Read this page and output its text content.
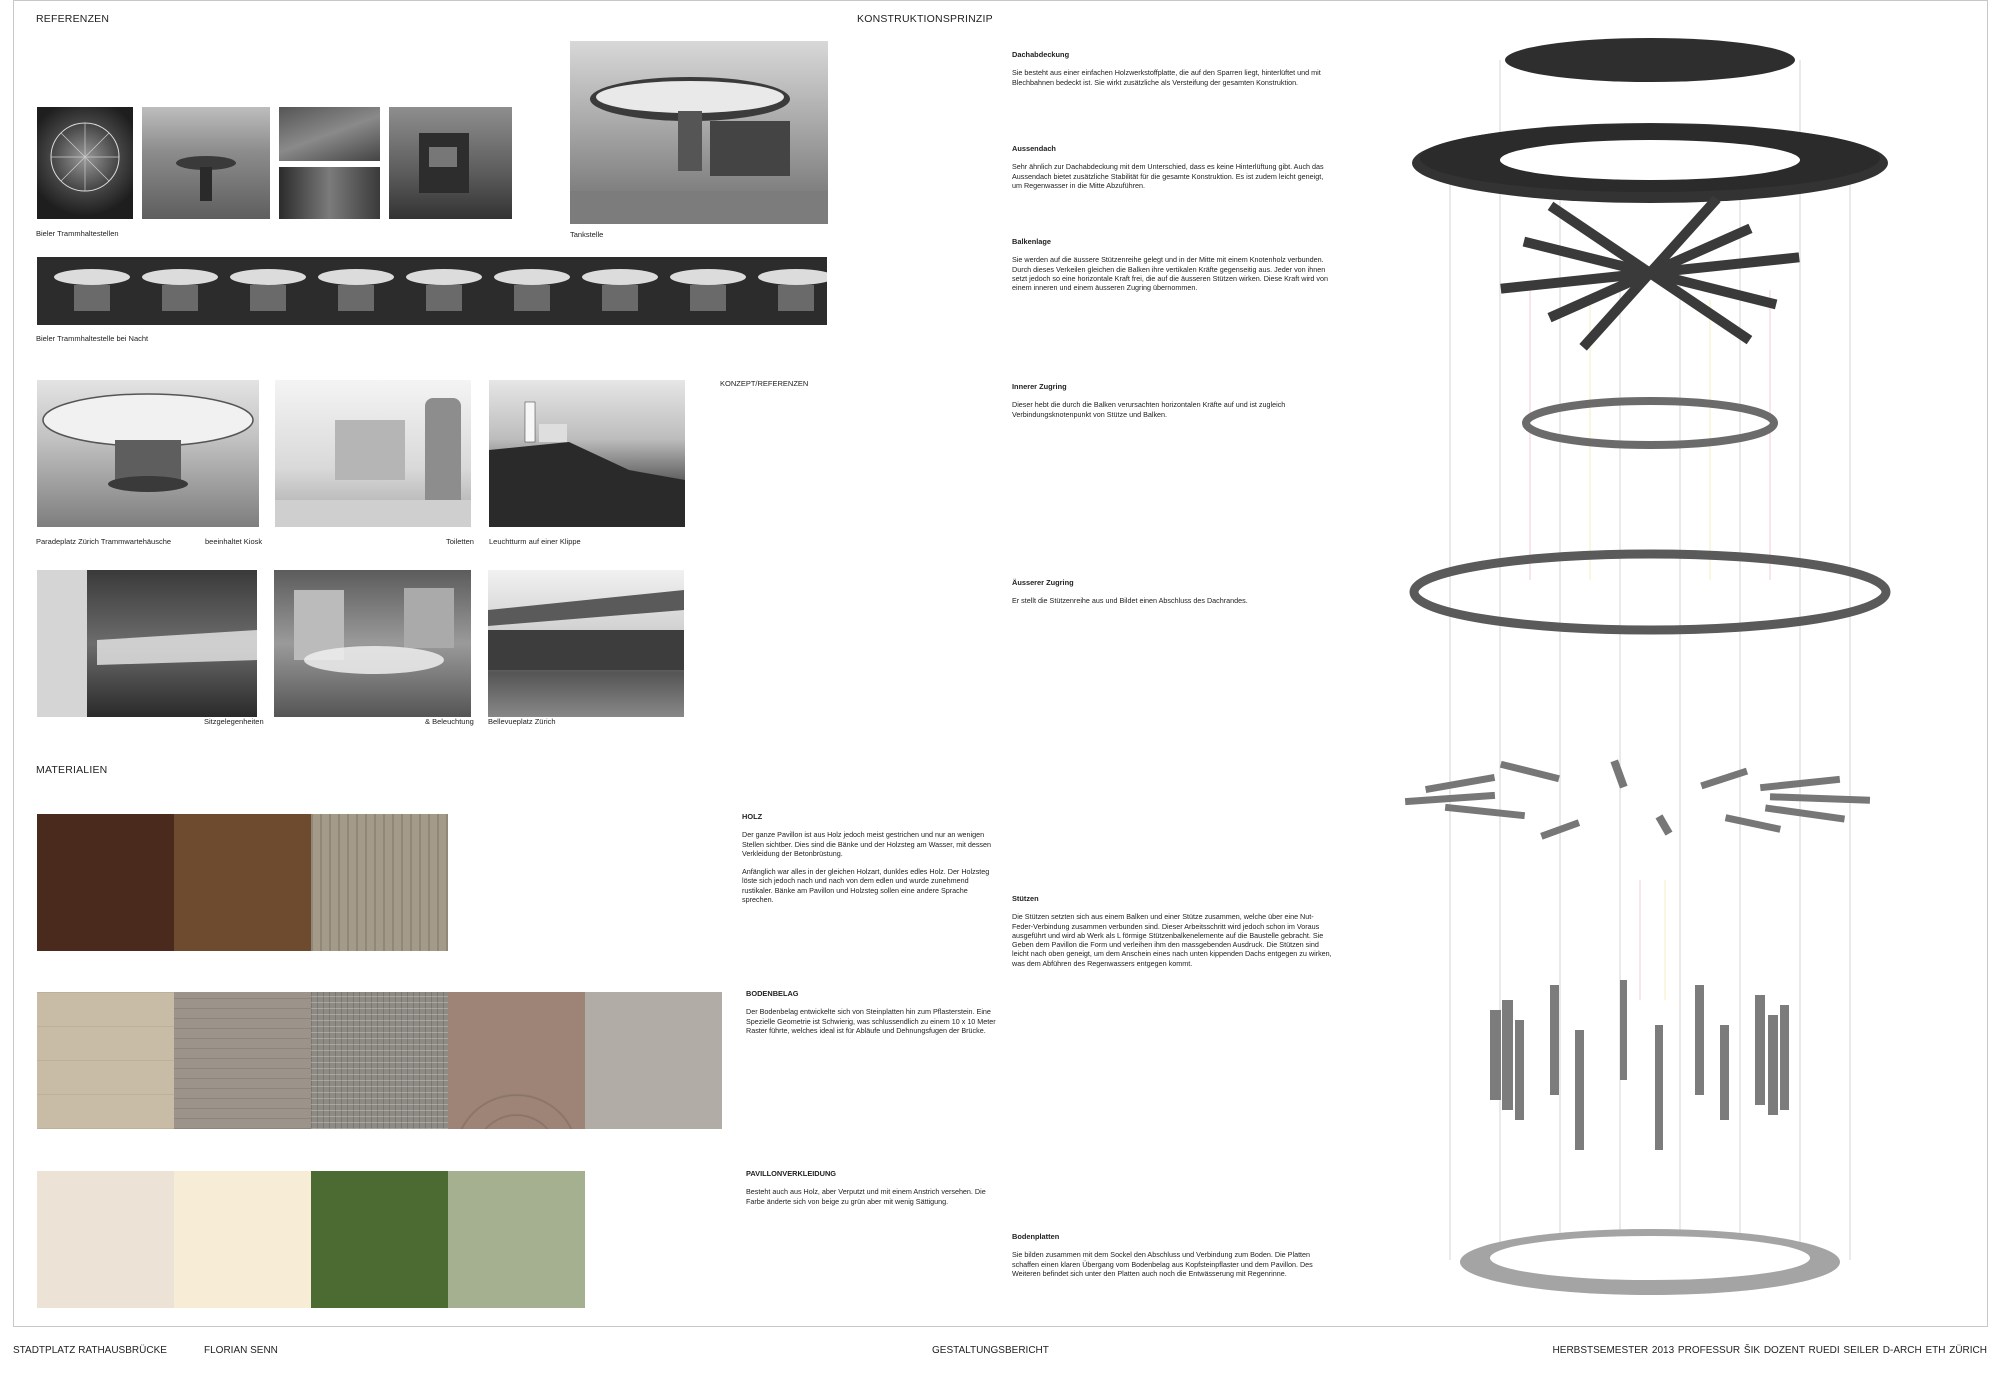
REFERENZEN
Bieler Trammhaltestellen	Tankstelle
Bieler Trammhaltestelle bei Nacht
KONZEPT/REFERENZEN
Paradeplatz Zürich Trammwartehäusche	beeinhaltet Kiosk	Toiletten Leuchtturm auf einer Klippe
Sitzgelegenheiten	& Beleuchtung Bellevueplatz Zürich
MATERIALIEN
HOLZ

Der ganze Pavillon ist aus Holz jedoch meist gestrichen und nur an wenigen Stellen sichtber. Dies sind die Bänke und der Holzsteg am Wasser, mit dessen Verkleidung der Betonbrüstung.

Anfänglich war alles in der gleichen Holzart, dunkles edles Holz. Der Holzsteg löste sich jedoch nach und nach von dem edlen und wurde zunehmend rustikaler. Bänke am Pavillon und Holzsteg sollen eine andere Sprache sprechen.

BODENBELAG

Der Bodenbelag entwickelte sich von Steinplatten hin zum Pflasterstein. Eine Spezielle Geometrie ist Schwierig, was schlussendlich zu einem 10 x 10 Meter Raster führte, welches ideal ist für Abläufe und Dehnungsfugen der Brücke.

PAVILLONVERKLEIDUNG

Besteht auch aus Holz, aber Verputzt und mit einem Anstrich versehen. Die Farbe änderte sich von beige zu grün aber mit wenig Sättigung.

KONSTRUKTIONSPRINZIP
Dachabdeckung

Sie besteht aus einer einfachen Holzwerkstoffplatte, die auf den Sparren liegt, hinterlüftet und mit Blechbahnen bedeckt ist. Sie wirkt zusätzliche als Versteifung der gesamten Konstruktion.

Aussendach

Sehr ähnlich zur Dachabdeckung mit dem Unterschied, dass es keine Hinterlüftung gibt. Auch das Aussendach bietet zusätzliche Stabilität für die gesamte Konstruktion. Es ist zudem leicht geneigt, um Regenwasser in die Mitte Abzuführen.

Balkenlage

Sie werden auf die äussere Stützenreihe gelegt und in der Mitte mit einem Knotenholz verbunden. Durch dieses Verkeilen gleichen die Balken ihre vertikalen Kräfte gegenseitig aus. Jeder von ihnen setzt jedoch so eine horizontale Kraft frei, die auf die äusseren Stützen wirken. Diese Kraft wird von einem inneren und einem äusseren Zugring übernommen.

Innerer Zugring

Dieser hebt die durch die Balken verursachten horizontalen Kräfte auf und ist zugleich Verbindungsknotenpunkt von Stütze und Balken.

Äusserer Zugring

Er stellt die Stützenreihe aus und Bildet einen Abschluss des Dachrandes.

Stützen

Die Stützen setzten sich aus einem Balken und einer Stütze zusammen, welche über eine Nut-Feder-Verbindung zusammen verbunden sind. Dieser Arbeitsschritt wird jedoch schon im Voraus ausgeführt und wird ab Werk als L förmige Stützenbalkenelemente auf die Baustelle gebracht. Sie Geben dem Pavillon die Form und verleihen ihm den massgebenden Ausdruck. Die Stützen sind leicht nach oben geneigt, um dem Anschein eines nach unten kippenden Dachs entgegen zu wirken, was dem Abführen des Regenwassers entgegen kommt.

Bodenplatten

Sie bilden zusammen mit dem Sockel den Abschluss und Verbindung zum Boden. Die Platten schaffen einen klaren Übergang vom Bodenbelag aus Kopfsteinpflaster und dem Pavillon. Des Weiteren befindet sich unter den Platten auch noch die Entwässerung mit Regenrinne.

STADTPLATZ RATHAUSBRÜCKE	FLORIAN SENN	GESTALTUNGSBERICHT	HERBSTSEMESTER 2013 PROFESSUR ŠIK DOZENT RUEDI SEILER D-ARCH ETH ZÜRICH
